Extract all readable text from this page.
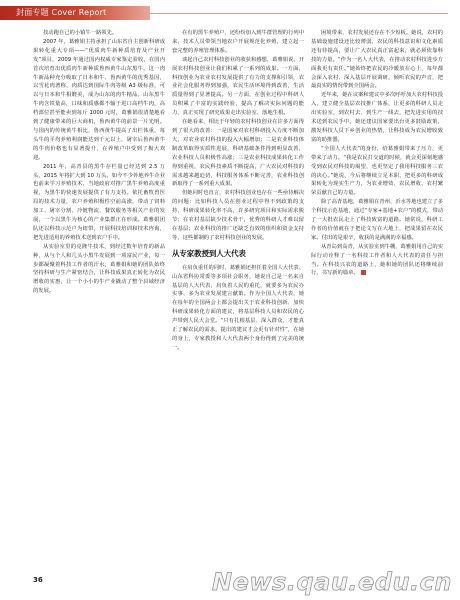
封面专题 Cover Report

技动跑自己的小镇牛一路领先。

2007 年，葛雅娟主持承担了山东省自主创新科研成果转化重大专项——“优质肉牛新种质培育及产业开发”项目，2009 年通过国内权威专家鉴定验收，在国内首次培育出优质肉牛新种质鲁西黄牛山东黑牛。这一肉牛新品种充分吸取了日本和牛、鲁西黄牛的优秀基因，以雪花肉著称，肉质达到国际牛肉等级 A3 级标准，可以与日本和牛相媲美，成为山东的肉牛精品。山东黑牛牛肉含铁量高，口味和质感都不输于进口高档牛肉，高档部位甚至能卖到每斤 1000 元时，葛雅娟很清楚地看到了健康带来的巨大商机，鲁西黄牛的前景一片光明。与国内的传统黄牛相比，鲁西黄牛提高了出栏体重，每头牛的平均养殖利润能达到千元以上，屠宰后鲁西黄牛的牛肉价格也有显著提升，在养殖户中受到了极大欢迎。

2011 年，高青县的黑牛存栏量已经达到 2.5 万头，2015 年将扩大到 10 万头。如今不少外地养牛企业也前来学习养殖技术，当地政府对推广黑牛养殖高度重视，为黑牛的快速发展提供了有力支持。依托畜牧兽医局的技术力量，农户养殖积极性空前高涨，带动了饲料加工、屠宰分割、冷链物流、餐饮服务等相关产业的发展，一个以黑牛为核心的产业集群正在形成。葛雅娟团队还以科技示范户为纽带，开展科技培训和技术咨询，把先进适用的养殖技术送到农户手中。

从实验室里的克隆牛技术，到经过数年培育的新品种，从与个人和几头小黑牛发展到一项富民产业，每一步都凝聚着科技工作者的汗水，葛雅娟和她的团队始终坚持科研与生产紧密结合，让科技成果真正转化为农民增收的实惠，让一个小小的牛产业撬动了整个县域经济的发展。

在有的黑牛养殖户，还纷纷加入到牛群管理的行列中来，技术人员带领当地农户开展规范化养殖，建立起一套完整的养殖管理体系。

谈起自己农村科技创业的收获和感想，葛雅娟说，开展农村科技创业让我们积累了一系列的成果。一方面，科技创业为农业农村发展提供了有力的支撑和引领，农业社会化服务得到加强，农民生活环境得到改善，生活质量得到了显著提高。另一方面，在创业过程中科研人员积累了丰富的实践经验，提高了解决实际问题的能力，真正实现了研究成果走出实验室、落地生根。

在她看来，相比于年轻的农村科技创业在许多方面得到了很大的改善：一是国家对农村科研投入力度不断加大，对农业农村科技的投入大幅增加；二是农业科技体制改革取得实质性进展，科研基础条件得到明显改善，农业科技人员积极性高涨；三是农业科技成果转化工作得到重视，农民科技素质不断提高，广大农民对科技的需求越来越迫切，科技服务体系不断完善，农业科技创新取得了一系列重大成果。

但她同时也直言，农村科技创业也存在一些亟待解决的问题：比如科技人员在创业过程中得不到政策的支持，科研成果转化率不高，许多研究项目和实际需求脱节；在农村基层缺少技术骨干，优秀的科研人才难以留在基层；农业科技的推广还缺乏有效的组织和资金支持等，这些都制约了农村科技创业的发展。

从专家教授到人大代表

在肩负重任的同时，葛雅娟还担任着全国人大代表、山东省科协常委等多项社会职务，她说自己是一名来自基层的人大代表，肩负着人民的重托，就要多为农民办实事、多为农业发展建言献策。作为全国人大代表，她在每年的全国两会上都会提出关于农业科技创新、加快科研成果转化方面的建议，将基层科技人员和农民的心声带到人民大会堂。“只有扎根基层、深入群众，才能真正了解农民的需求，提出的建议才会更有针对性”，在她的身上，专家教授和人大代表两个身份得到了完美的统一。

困境带来，农村发展还存在不少短板。她说，农村的基础设施建设还比较薄弱，农民的科技意识和文化素质还有待提高，要让广大农民真正富起来，就必须依靠科技的力量。“作为一名人大代表，在推动农村科技进步方面我更有责任。”她始终把农民的冷暖放在心上，每年都会深入农村、深入基层开展调研，倾听农民的声音，把最真实的情况带到全国两会。

近年来，她在议案和建议中多次呼吁加大农村科技投入，建立健全基层农技推广体系，让更多的科研人员走出实验室，到农村去、到生产一线去，把先进实用的技术送到农民手中。她还建议国家要出台更多鼓励政策，激发科技人员下乡创业的热情，让科技成为农民增收致富的助推器。

“全国人大代表”的身份，给葛雅娟带来了压力，更带来了动力。“我是农民打交道的时候，就会更深刻地感受到农民对科技的渴望，也更坚定了我用科技服务三农的决心。”她说，今后将继续立足本职，把更多的科研成果转化为现实生产力，为农业增效、农民增收、农村繁荣贡献自己的力量。

除了高青基地，葛雅娟在青州、沂水等地也建立了多个科技示范基地，通过“专家+基地+农户”的模式，带动了一大批农民走上了科技致富的道路。她常说，科研工作者的价值就在于把论文写在大地上，把成果留在农民家。付出的是艰辛，收获的是满满的幸福感。

从青岛到高青，从实验室到牛棚，葛雅娟用自己的实际行动诠释了一名科技工作者和人大代表的责任与担当。在科技兴农的道路上，她和她的团队还将继续前行，书写新的篇章。

36	News.qau.edu.cn
